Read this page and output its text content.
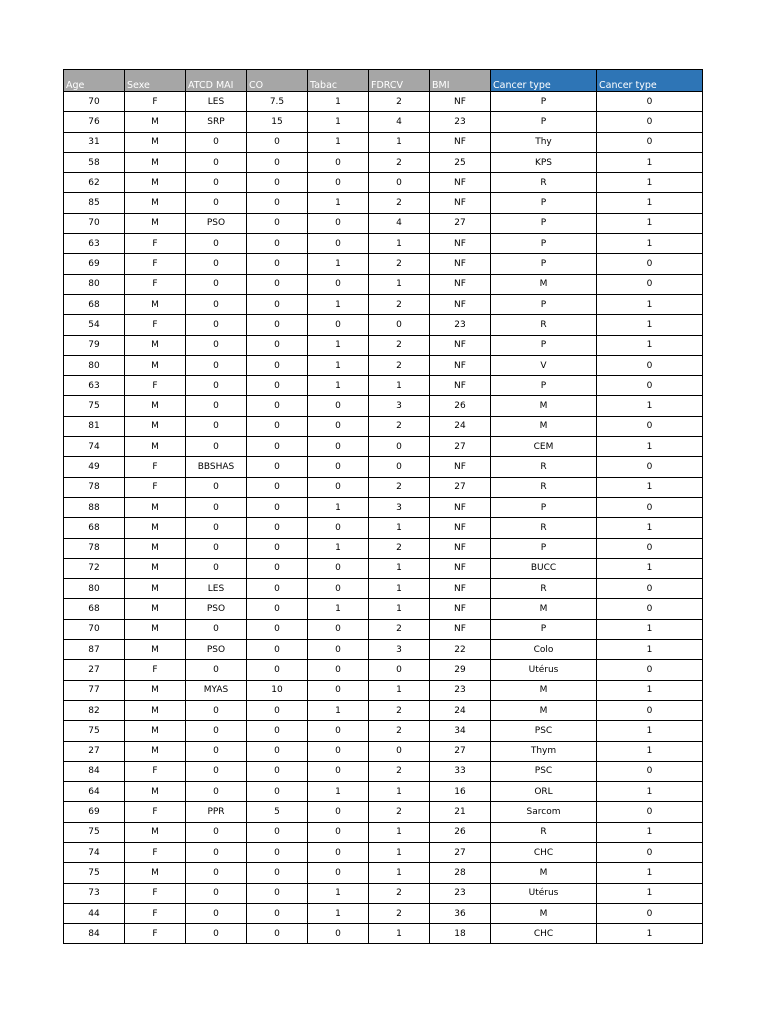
Age	Sexe	ATCD MAI	CO	Tabac	FDRCV	BMI	Cancer type	Cancer type
70	F	LES	7.5	1	2	NF	P	0
76	M	SRP	15	1	4	23	P	0
31	M	0	0	1	1	NF	Thy	0
58	M	0	0	0	2	25	KPS	1
62	M	0	0	0	0	NF	R	1
85	M	0	0	1	2	NF	P	1
70	M	PSO	0	0	4	27	P	1
63	F	0	0	0	1	NF	P	1
69	F	0	0	1	2	NF	P	0
80	F	0	0	0	1	NF	M	0
68	M	0	0	1	2	NF	P	1
54	F	0	0	0	0	23	R	1
79	M	0	0	1	2	NF	P	1
80	M	0	0	1	2	NF	V	0
63	F	0	0	1	1	NF	P	0
75	M	0	0	0	3	26	M	1
81	M	0	0	0	2	24	M	0
74	M	0	0	0	0	27	CEM	1
49	F	BBSHAS	0	0	0	NF	R	0
78	F	0	0	0	2	27	R	1
88	M	0	0	1	3	NF	P	0
68	M	0	0	0	1	NF	R	1
78	M	0	0	1	2	NF	P	0
72	M	0	0	0	1	NF	BUCC	1
80	M	LES	0	0	1	NF	R	0
68	M	PSO	0	1	1	NF	M	0
70	M	0	0	0	2	NF	P	1
87	M	PSO	0	0	3	22	Colo	1
27	F	0	0	0	0	29	Utérus	0
77	M	MYAS	10	0	1	23	M	1
82	M	0	0	1	2	24	M	0
75	M	0	0	0	2	34	PSC	1
27	M	0	0	0	0	27	Thym	1
84	F	0	0	0	2	33	PSC	0
64	M	0	0	1	1	16	ORL	1
69	F	PPR	5	0	2	21	Sarcom	0
75	M	0	0	0	1	26	R	1
74	F	0	0	0	1	27	CHC	0
75	M	0	0	0	1	28	M	1
73	F	0	0	1	2	23	Utérus	1
44	F	0	0	1	2	36	M	0
84	F	0	0	0	1	18	CHC	1
